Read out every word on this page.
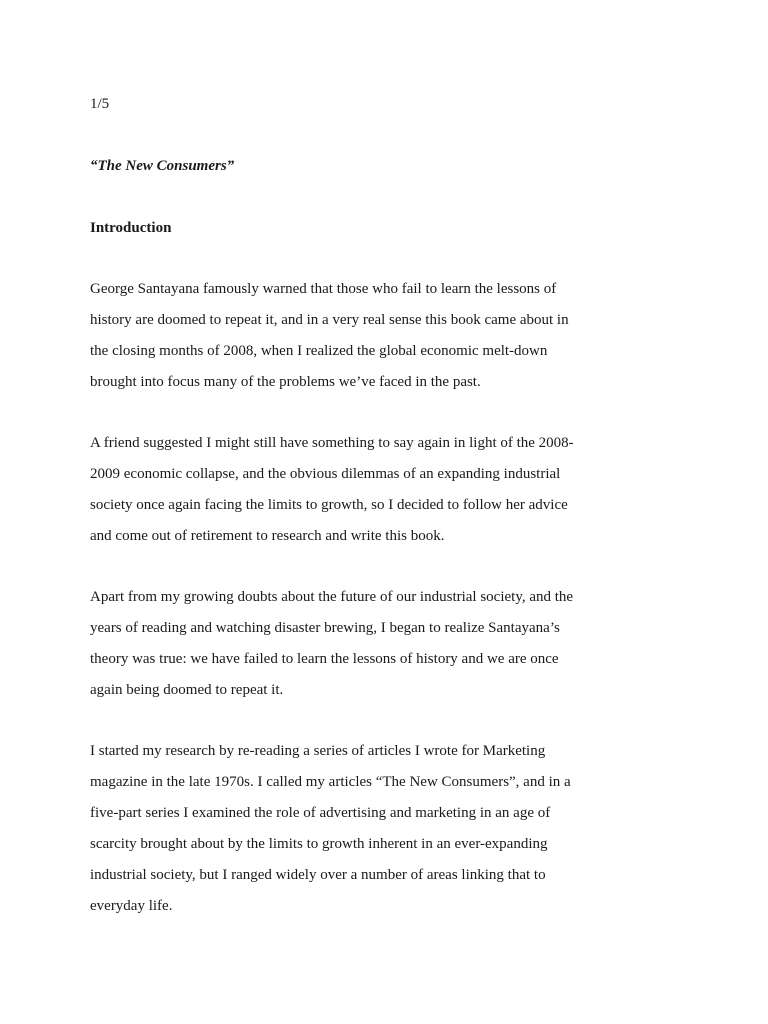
1/5
“The New Consumers”
Introduction
George Santayana famously warned that those who fail to learn the lessons of
history are doomed to repeat it, and in a very real sense this book came about in
the closing months of 2008, when I realized the global economic melt-down
brought into focus many of the problems we’ve faced in the past.
A friend suggested I might still have something to say again in light of the 2008-
2009 economic collapse, and the obvious dilemmas of an expanding industrial
society once again facing the limits to growth, so I decided to follow her advice
and come out of retirement to research and write this book.
Apart from my growing doubts about the future of our industrial society, and the
years of reading and watching disaster brewing, I began to realize Santayana’s
theory was true: we have failed to learn the lessons of history and we are once
again being doomed to repeat it.
I started my research by re-reading a series of articles I wrote for Marketing
magazine in the late 1970s. I called my articles “The New Consumers”, and in a
five-part series I examined the role of advertising and marketing in an age of
scarcity brought about by the limits to growth inherent in an ever-expanding
industrial society, but I ranged widely over a number of areas linking that to
everyday life.
